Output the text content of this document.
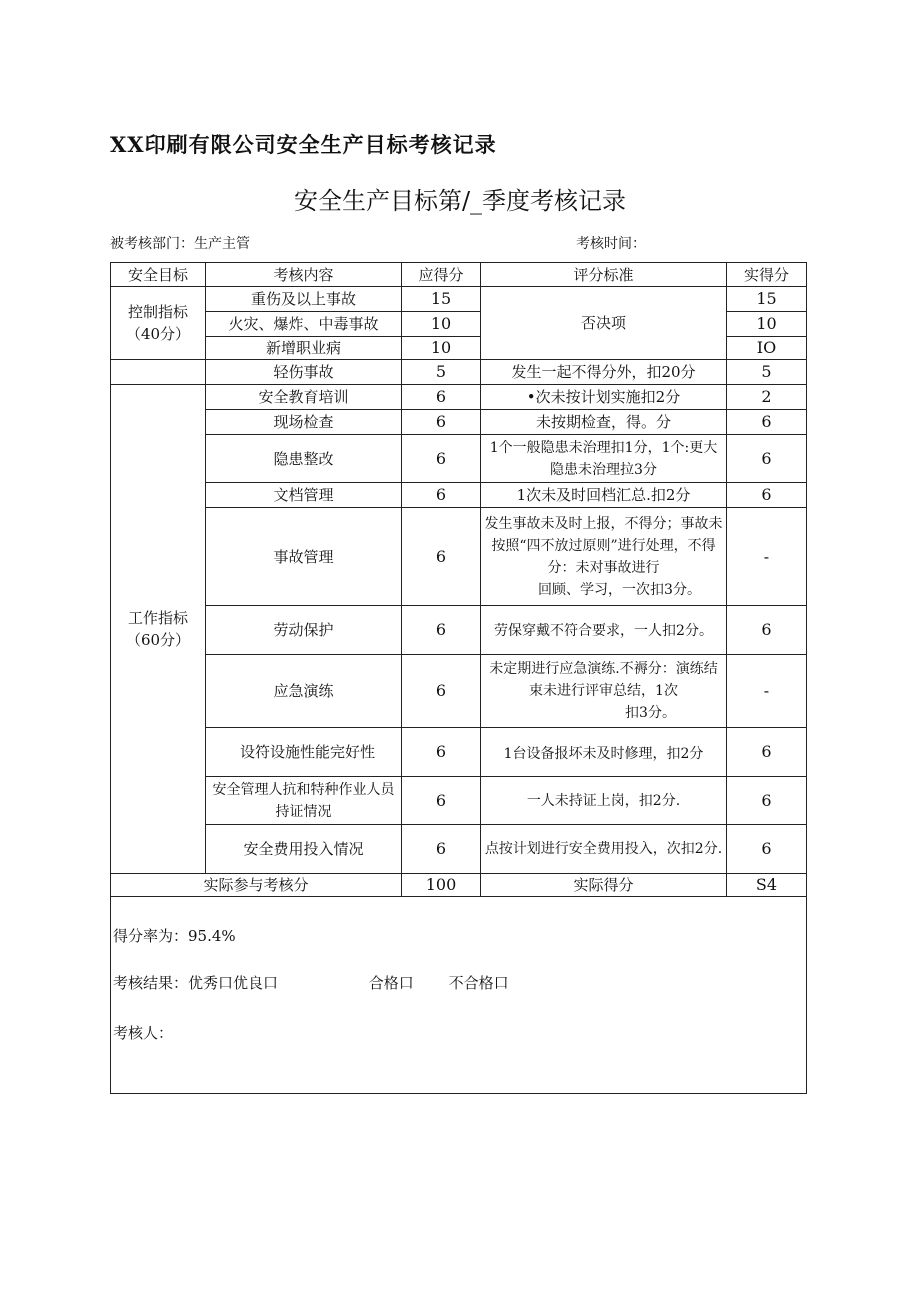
XX印刷有限公司安全生产目标考核记录
安全生产目标第/_季度考核记录
被考核部门：生产主管	考核时间：
安全目标	考核内容	应得分	评分标准	实得分
控制指标（40分）	重伤及以上事故	15	否决项	15
	火灾、爆炸、中毒事故	10		10
	新增职业病	10		IO
	轻伤事故	5	发生一起不得分外，扣20分	5
工作指标（60分）	安全教育培训	6	•次未按计划实施扣2分	2
	现场检查	6	未按期检查，得。分	6
	隐患整改	6	1个一般隐患未治理扣1分，1个:更大隐患未治理拉3分	6
	文档管理	6	1次未及时回档汇总.扣2分	6
	事故管理	6	发生事故未及时上报，不得分；事故未按照“四不放过原则”进行处理，不得分：未对事故进行
回顾、学习，一次扣3分。	-
	劳动保护	6	劳保穿戴不符合要求，一人扣2分。	6
	应急演练	6	未定期进行应急演练.不褥分：演练结束未进行评审总结，1次
扣3分。	-
	设符设施性能完好性	6	1台设备报坏未及时修理，扣2分	6
	安全管理人抗和特种作业人员持证情况	6	一人未持证上岗，扣2分.	6
	安全费用投入情况	6	点按计划进行安全费用投入，次扣2分.	6
实际参与考核分		100	实际得分	S4

得分率为：95.4%
考核结果：优秀口优良口 合格口 不合格口
考核人：				
